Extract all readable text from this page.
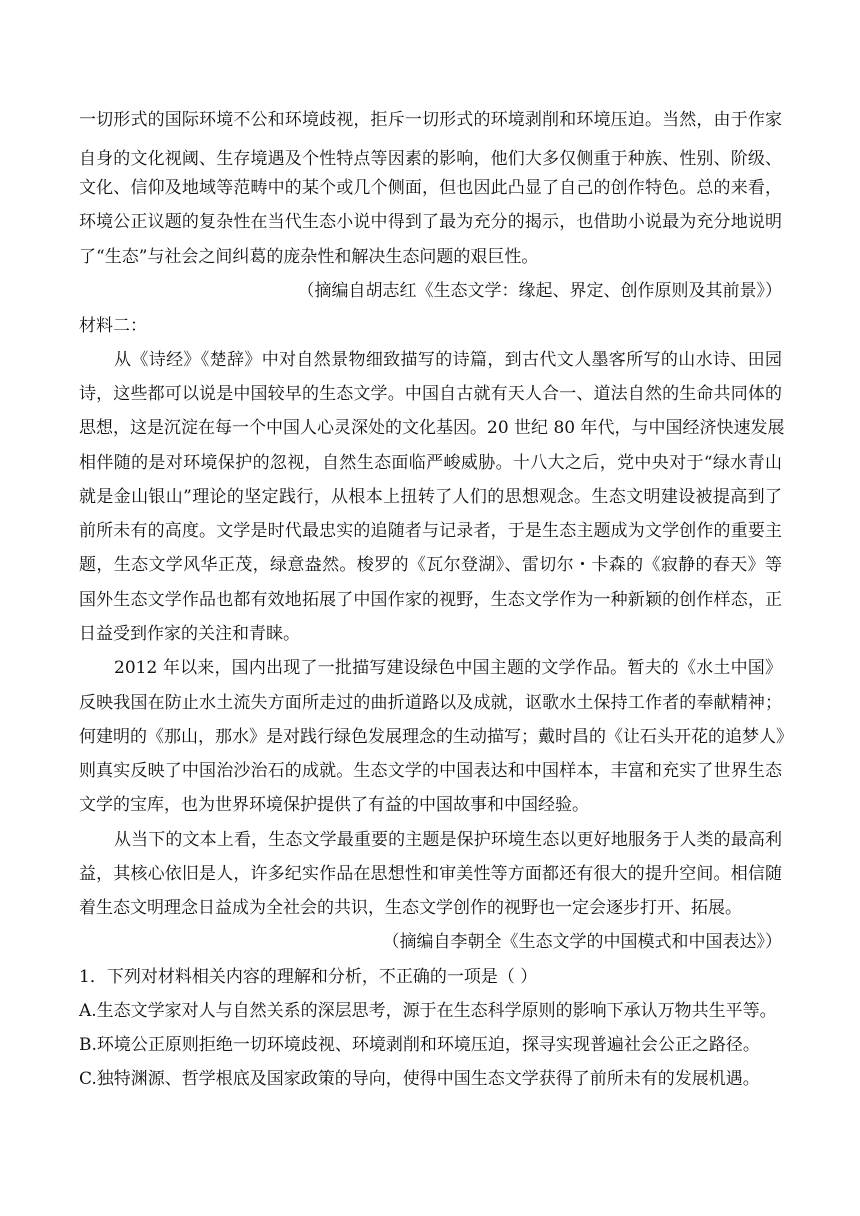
一切形式的国际环境不公和环境歧视，拒斥一切形式的环境剥削和环境压迫。当然，由于作家
自身的文化视阈、生存境遇及个性特点等因素的影响，他们大多仅侧重于种族、性别、阶级、
文化、信仰及地域等范畴中的某个或几个侧面，但也因此凸显了自己的创作特色。总的来看，
环境公正议题的复杂性在当代生态小说中得到了最为充分的揭示，也借助小说最为充分地说明
了“生态”与社会之间纠葛的庞杂性和解决生态问题的艰巨性。
（摘编自胡志红《生态文学：缘起、界定、创作原则及其前景》）
材料二：
从《诗经》《楚辞》中对自然景物细致描写的诗篇，到古代文人墨客所写的山水诗、田园
诗，这些都可以说是中国较早的生态文学。中国自古就有天人合一、道法自然的生命共同体的
思想，这是沉淀在每一个中国人心灵深处的文化基因。20 世纪 80 年代，与中国经济快速发展
相伴随的是对环境保护的忽视，自然生态面临严峻威胁。十八大之后，党中央对于“绿水青山
就是金山银山”理论的坚定践行，从根本上扭转了人们的思想观念。生态文明建设被提高到了
前所未有的高度。文学是时代最忠实的追随者与记录者，于是生态主题成为文学创作的重要主
题，生态文学风华正茂，绿意盎然。梭罗的《瓦尔登湖》、雷切尔・卡森的《寂静的春天》等
国外生态文学作品也都有效地拓展了中国作家的视野，生态文学作为一种新颖的创作样态，正
日益受到作家的关注和青睐。
2012 年以来，国内出现了一批描写建设绿色中国主题的文学作品。暂夫的《水土中国》
反映我国在防止水土流失方面所走过的曲折道路以及成就，讴歌水土保持工作者的奉献精神；
何建明的《那山，那水》是对践行绿色发展理念的生动描写；戴时昌的《让石头开花的追梦人》
则真实反映了中国治沙治石的成就。生态文学的中国表达和中国样本，丰富和充实了世界生态
文学的宝库，也为世界环境保护提供了有益的中国故事和中国经验。
从当下的文本上看，生态文学最重要的主题是保护环境生态以更好地服务于人类的最高利
益，其核心依旧是人，许多纪实作品在思想性和审美性等方面都还有很大的提升空间。相信随
着生态文明理念日益成为全社会的共识，生态文学创作的视野也一定会逐步打开、拓展。
（摘编自李朝全《生态文学的中国模式和中国表达》）
1．下列对材料相关内容的理解和分析，不正确的一项是（ ）
A.生态文学家对人与自然关系的深层思考，源于在生态科学原则的影响下承认万物共生平等。
B.环境公正原则拒绝一切环境歧视、环境剥削和环境压迫，探寻实现普遍社会公正之路径。
C.独特渊源、哲学根底及国家政策的导向，使得中国生态文学获得了前所未有的发展机遇。
